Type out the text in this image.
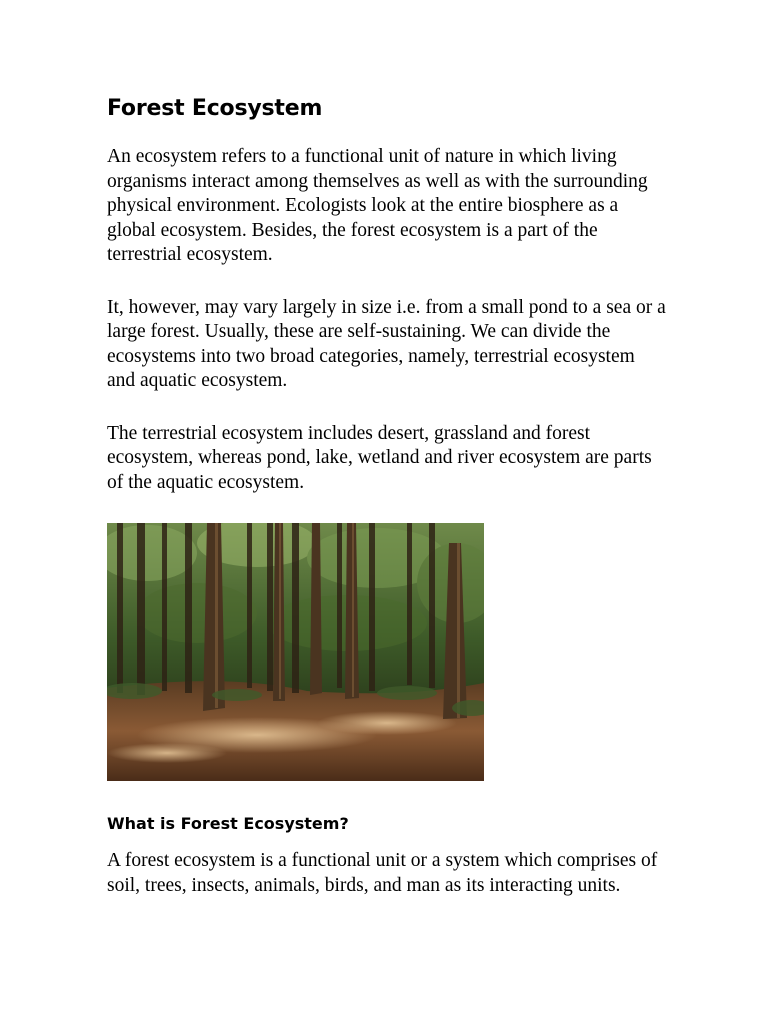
Forest Ecosystem

An ecosystem refers to a functional unit of nature in which living organisms interact among themselves as well as with the surrounding physical environment. Ecologists look at the entire biosphere as a global ecosystem. Besides, the forest ecosystem is a part of the terrestrial ecosystem.

It, however, may vary largely in size i.e. from a small pond to a sea or a large forest. Usually, these are self-sustaining. We can divide the ecosystems into two broad categories, namely, terrestrial ecosystem and aquatic ecosystem.

The terrestrial ecosystem includes desert, grassland and forest ecosystem, whereas pond, lake, wetland and river ecosystem are parts of the aquatic ecosystem.

What is Forest Ecosystem?

A forest ecosystem is a functional unit or a system which comprises of soil, trees, insects, animals, birds, and man as its interacting units.
